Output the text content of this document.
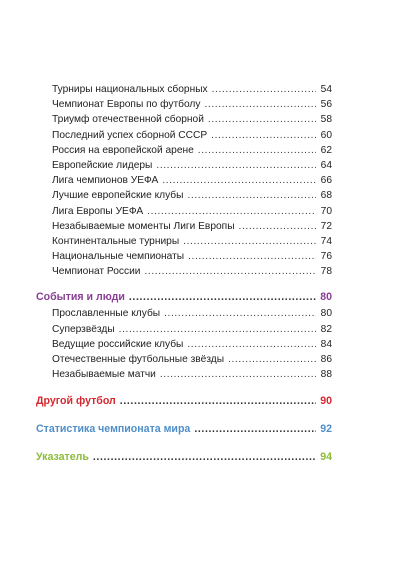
Турниры национальных сборных .....	54
Чемпионат Европы по футболу .....	56
Триумф отечественной сборной .....	58
Последний успех сборной СССР .....	60
Россия на европейской арене .....	62
Европейские лидеры .....	64
Лига чемпионов УЕФА .....	66
Лучшие европейские клубы .....	68
Лига Европы УЕФА .....	70
Незабываемые моменты Лиги Европы .....	72
Континентальные турниры .....	74
Национальные чемпионаты .....	76
Чемпионат России .....	78
События и люди .....	80
Прославленные клубы .....	80
Суперзвёзды .....	82
Ведущие российские клубы .....	84
Отечественные футбольные звёзды .....	86
Незабываемые матчи .....	88
Другой футбол .....	90
Статистика чемпионата мира .....	92
Указатель .....	94
